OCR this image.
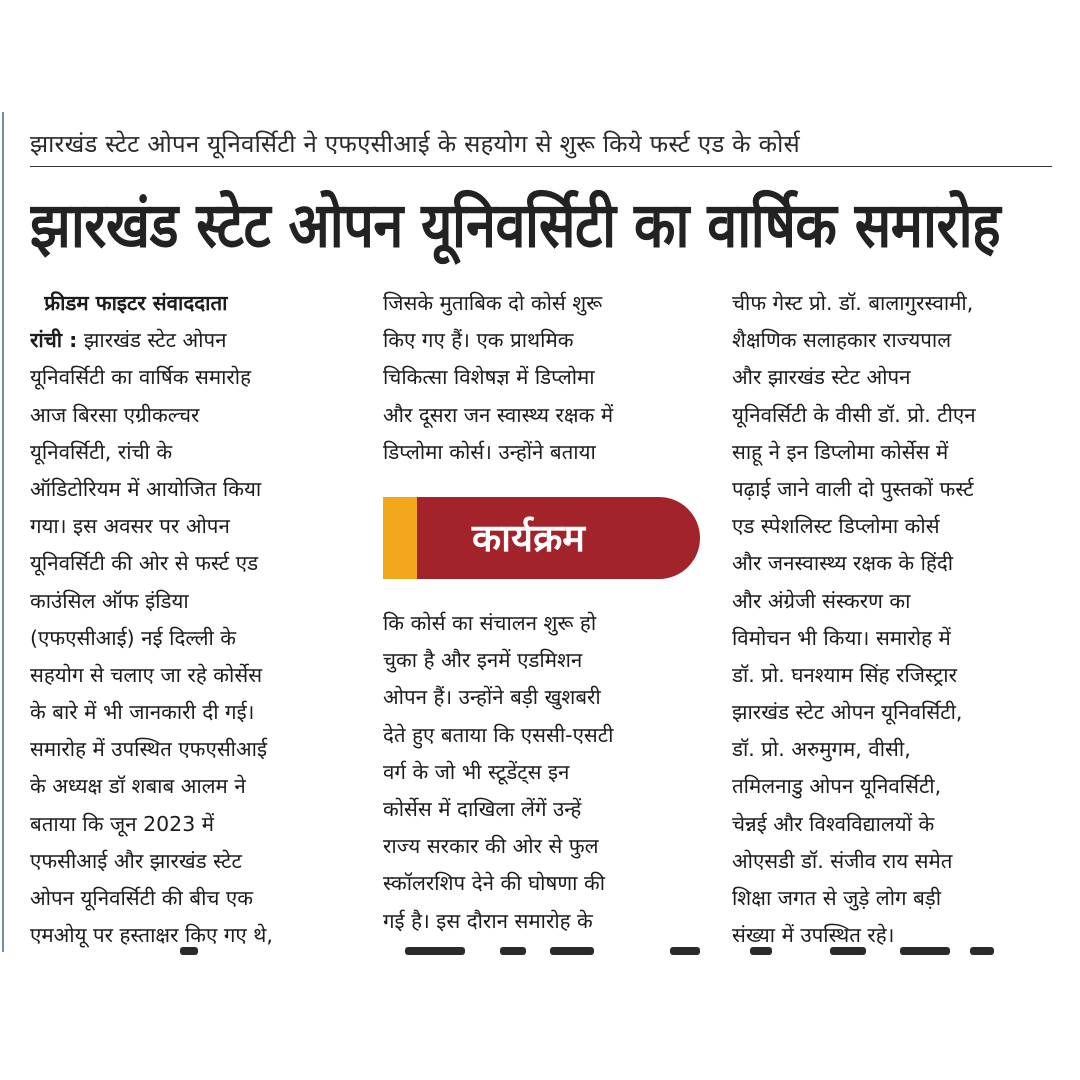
झारखंड स्टेट ओपन यूनिवर्सिटी ने एफएसीआई के सहयोग से शुरू किये फर्स्ट एड के कोर्स
झारखंड स्टेट ओपन यूनिवर्सिटी का वार्षिक समारोह
फ्रीडम फाइटर संवाददाता
रांची : झारखंड स्टेट ओपन
यूनिवर्सिटी का वार्षिक समारोह
आज बिरसा एग्रीकल्चर
यूनिवर्सिटी, रांची के
ऑडिटोरियम में आयोजित किया
गया। इस अवसर पर ओपन
यूनिवर्सिटी की ओर से फर्स्ट एड
काउंसिल ऑफ इंडिया
(एफएसीआई) नई दिल्ली के
सहयोग से चलाए जा रहे कोर्सेस
के बारे में भी जानकारी दी गई।
समारोह में उपस्थित एफएसीआई
के अध्यक्ष डॉ शबाब आलम ने
बताया कि जून 2023 में
एफसीआई और झारखंड स्टेट
ओपन यूनिवर्सिटी की बीच एक
एमओयू पर हस्ताक्षर किए गए थे,
जिसके मुताबिक दो कोर्स शुरू
किए गए हैं। एक प्राथमिक
चिकित्सा विशेषज्ञ में डिप्लोमा
और दूसरा जन स्वास्थ्य रक्षक में
डिप्लोमा कोर्स। उन्होंने बताया
कार्यक्रम
कि कोर्स का संचालन शुरू हो
चुका है और इनमें एडमिशन
ओपन हैं। उन्होंने बड़ी खुशबरी
देते हुए बताया कि एससी-एसटी
वर्ग के जो भी स्टूडेंट्स इन
कोर्सेस में दाखिला लेंगें उन्हें
राज्य सरकार की ओर से फुल
स्कॉलरशिप देने की घोषणा की
गई है। इस दौरान समारोह के
चीफ गेस्ट प्रो. डॉ. बालागुरस्वामी,
शैक्षणिक सलाहकार राज्यपाल
और झारखंड स्टेट ओपन
यूनिवर्सिटी के वीसी डॉ. प्रो. टीएन
साहू ने इन डिप्लोमा कोर्सेस में
पढ़ाई जाने वाली दो पुस्तकों फर्स्ट
एड स्पेशलिस्ट डिप्लोमा कोर्स
और जनस्वास्थ्य रक्षक के हिंदी
और अंग्रेजी संस्करण का
विमोचन भी किया। समारोह में
डॉ. प्रो. घनश्याम सिंह रजिस्ट्रार
झारखंड स्टेट ओपन यूनिवर्सिटी,
डॉ. प्रो. अरुमुगम, वीसी,
तमिलनाडु ओपन यूनिवर्सिटी,
चेन्नई और विश्वविद्यालयों के
ओएसडी डॉ. संजीव राय समेत
शिक्षा जगत से जुड़े लोग बड़ी
संख्या में उपस्थित रहे।
